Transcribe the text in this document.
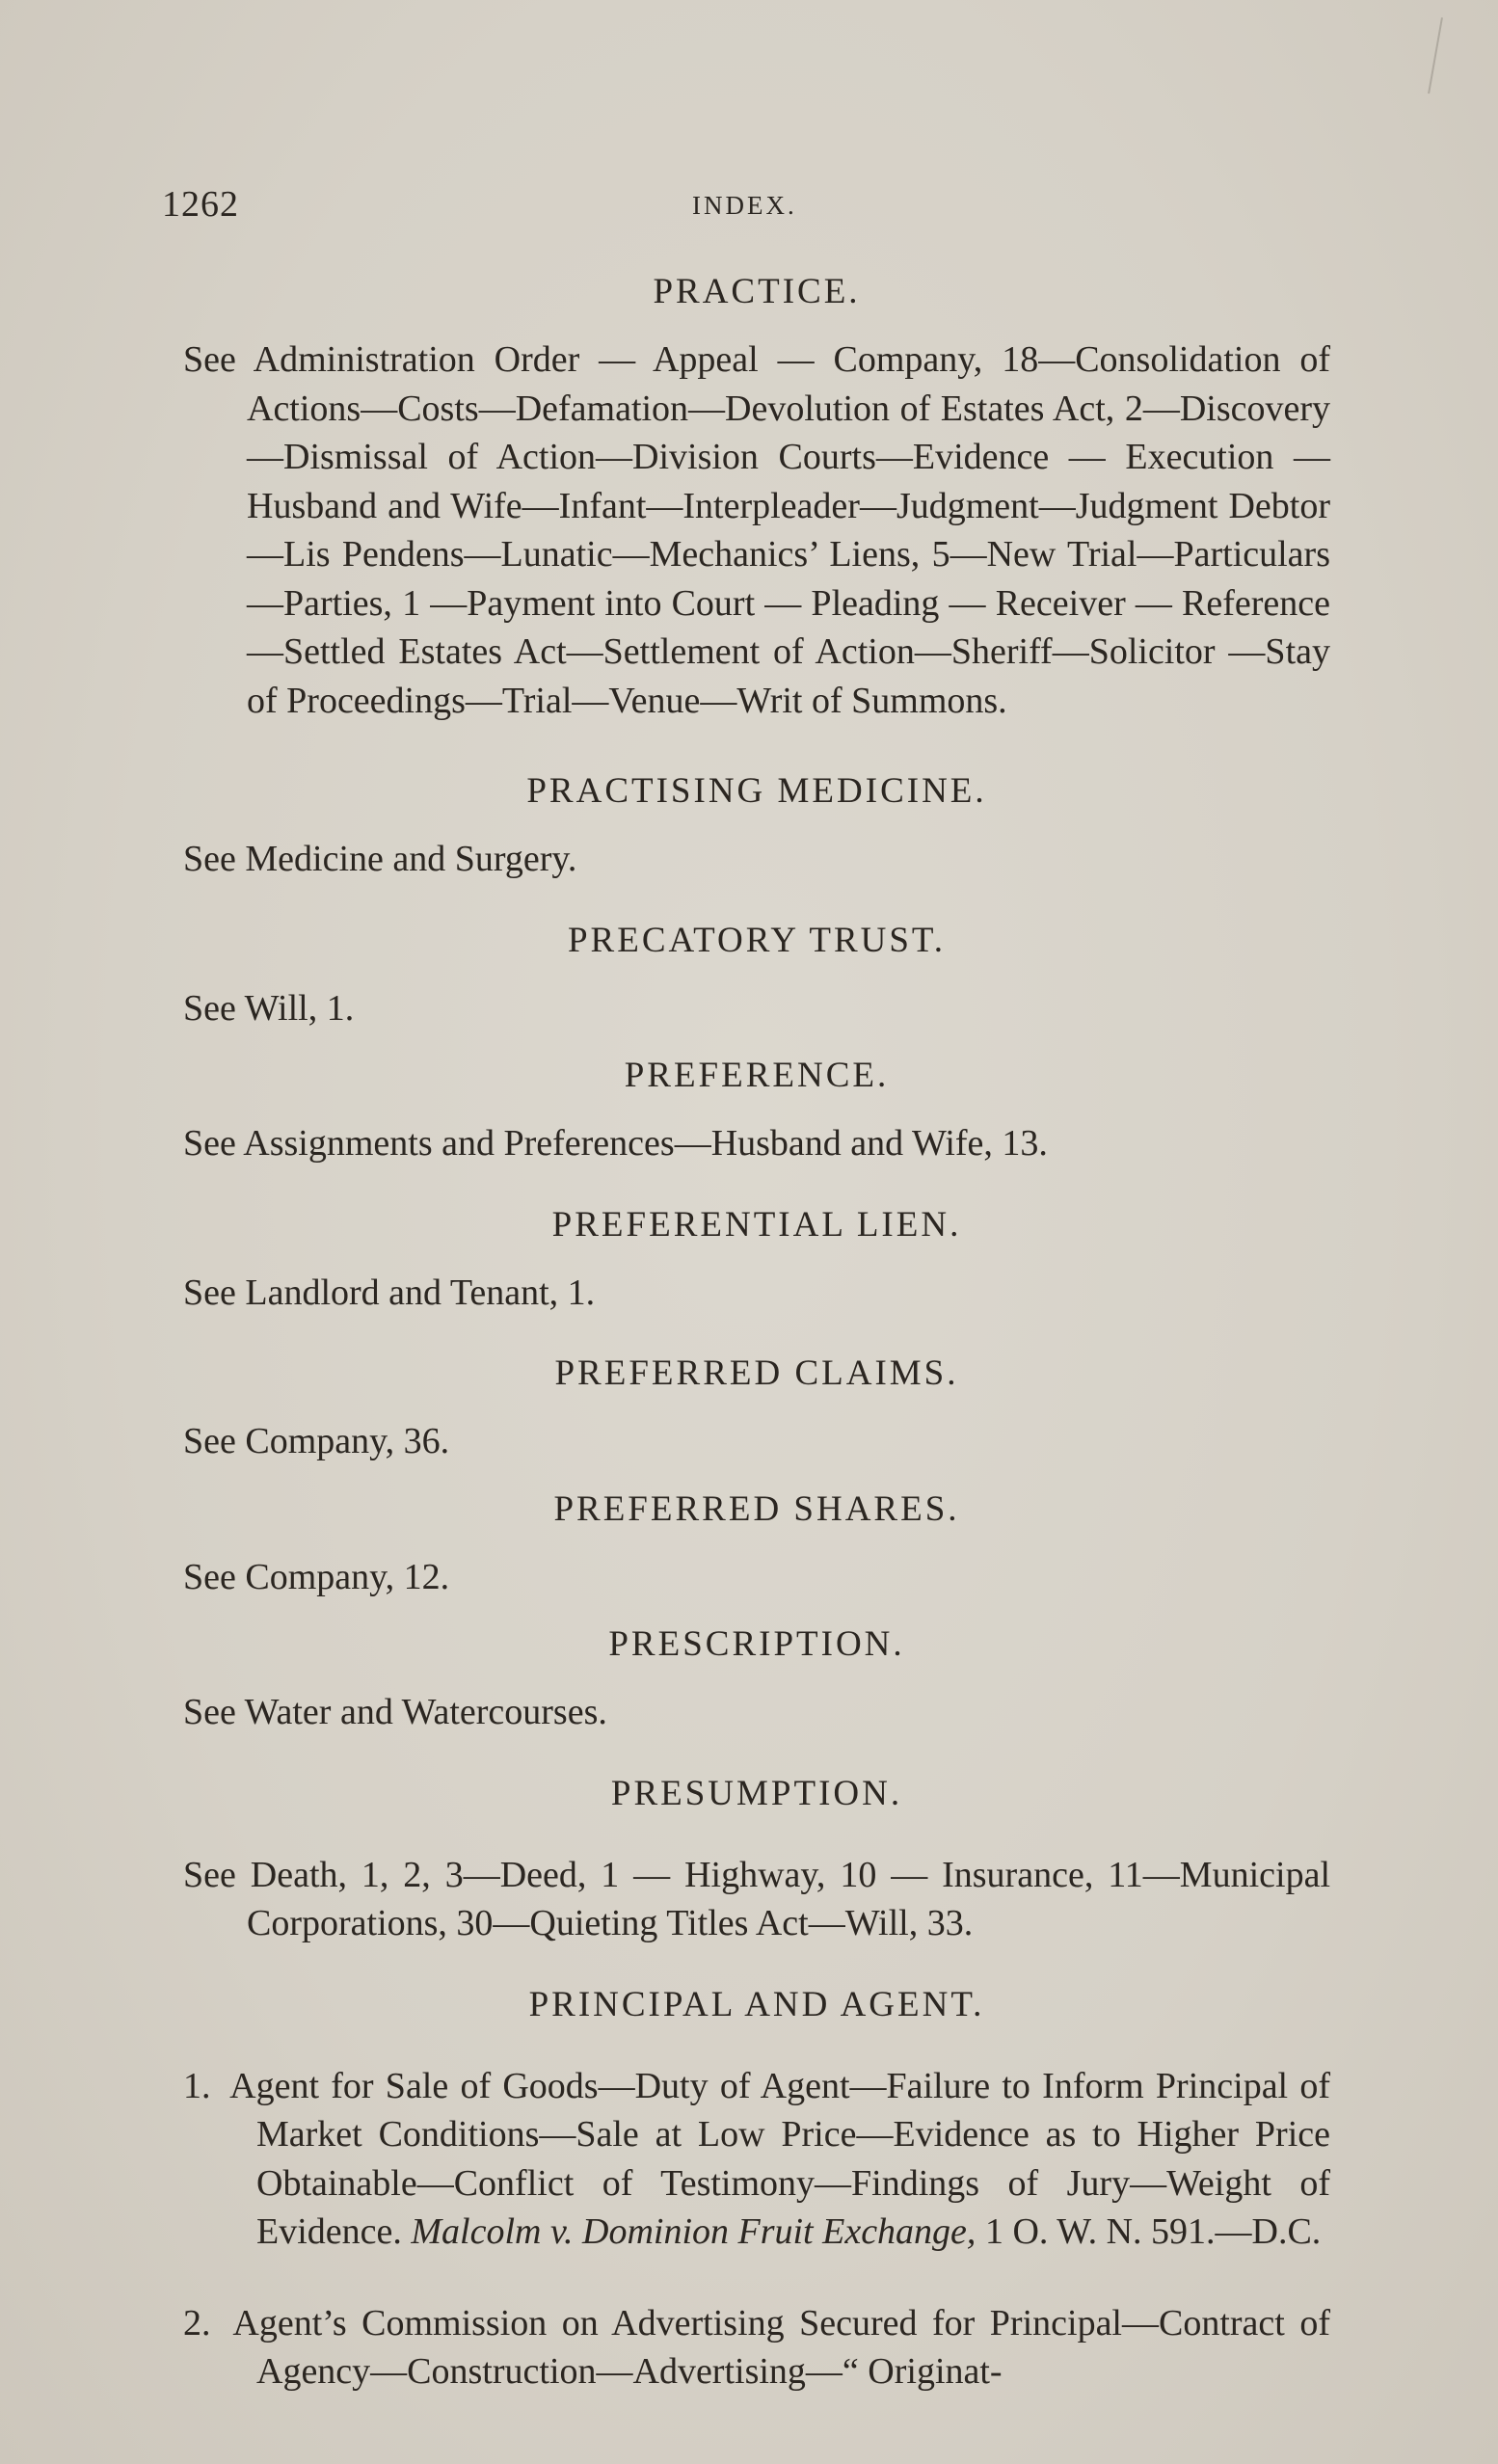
1262	INDEX.
PRACTICE.

See Administration Order — Appeal — Company, 18—Consolidation of Actions—Costs—Defamation—Devolution of Estates Act, 2—Discovery—Dismissal of Action—Division Courts—Evidence — Execution — Husband and Wife—Infant—Interpleader—Judgment—Judgment Debtor—Lis Pendens—Lunatic—Mechanics’ Liens, 5—New Trial—Particulars—Parties, 1 —Payment into Court — Pleading — Receiver — Reference—Settled Estates Act—Settlement of Action—Sheriff—Solicitor —Stay of Proceedings—Trial—Venue—Writ of Summons.

PRACTISING MEDICINE.

See Medicine and Surgery.

PRECATORY TRUST.

See Will, 1.

PREFERENCE.

See Assignments and Preferences—Husband and Wife, 13.

PREFERENTIAL LIEN.

See Landlord and Tenant, 1.

PREFERRED CLAIMS.

See Company, 36.

PREFERRED SHARES.

See Company, 12.

PRESCRIPTION.

See Water and Watercourses.

PRESUMPTION.

See Death, 1, 2, 3—Deed, 1 — Highway, 10 — Insurance, 11—Municipal Corporations, 30—Quieting Titles Act—Will, 33.

PRINCIPAL AND AGENT.

1. Agent for Sale of Goods—Duty of Agent—Failure to Inform Principal of Market Conditions—Sale at Low Price—Evidence as to Higher Price Obtainable—Conflict of Testimony—Findings of Jury—Weight of Evidence. Malcolm v. Dominion Fruit Exchange, 1 O. W. N. 591.—D.C.

2. Agent’s Commission on Advertising Secured for Principal—Contract of Agency—Construction—Advertising—“ Originat-
